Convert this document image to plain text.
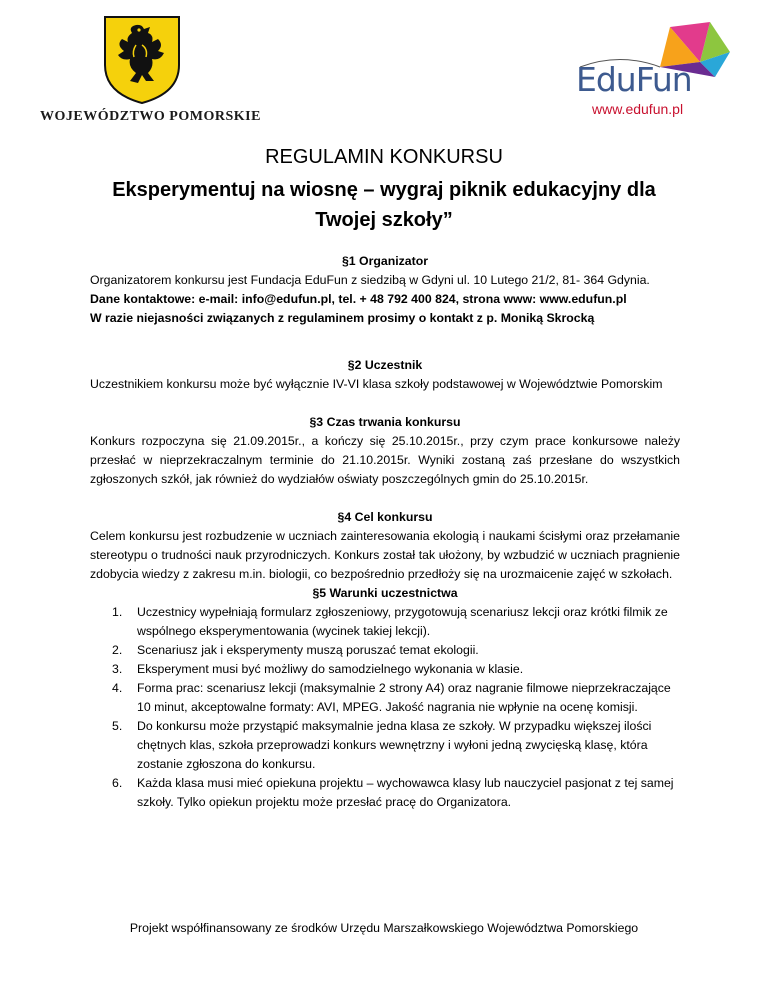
WOJEWÓDZTWO POMORSKIE
EduFun
www.edufun.pl
REGULAMIN KONKURSU
Eksperymentuj na wiosnę – wygraj piknik edukacyjny dla Twojej szkoły”
§1 Organizator
Organizatorem konkursu jest Fundacja EduFun z siedzibą w Gdyni ul. 10 Lutego 21/2, 81- 364 Gdynia.
Dane kontaktowe: e-mail: info@edufun.pl, tel. + 48 792 400 824, strona www: www.edufun.pl
W razie niejasności związanych z regulaminem prosimy o kontakt z p. Moniką Skrocką
§2 Uczestnik
Uczestnikiem konkursu może być wyłącznie IV-VI klasa szkoły podstawowej w Województwie Pomorskim
§3 Czas trwania konkursu
Konkurs rozpoczyna się 21.09.2015r., a kończy się 25.10.2015r., przy czym prace konkursowe należy przesłać w nieprzekraczalnym terminie do 21.10.2015r. Wyniki zostaną zaś przesłane do wszystkich zgłoszonych szkół, jak również do wydziałów oświaty poszczególnych gmin do 25.10.2015r.
§4 Cel konkursu
Celem konkursu jest rozbudzenie w uczniach zainteresowania ekologią i naukami ścisłymi oraz przełamanie stereotypu o trudności nauk przyrodniczych. Konkurs został tak ułożony, by wzbudzić w uczniach pragnienie zdobycia wiedzy z zakresu m.in. biologii, co bezpośrednio przedłoży się na urozmaicenie zajęć w szkołach.
§5 Warunki uczestnictwa
1. Uczestnicy wypełniają formularz zgłoszeniowy, przygotowują scenariusz lekcji oraz krótki filmik ze wspólnego eksperymentowania (wycinek takiej lekcji).
2. Scenariusz jak i eksperymenty muszą poruszać temat ekologii.
3. Eksperyment musi być możliwy do samodzielnego wykonania w klasie.
4. Forma prac: scenariusz lekcji (maksymalnie 2 strony A4) oraz nagranie filmowe nieprzekraczające 10 minut, akceptowalne formaty: AVI, MPEG. Jakość nagrania nie wpłynie na ocenę komisji.
5. Do konkursu może przystąpić maksymalnie jedna klasa ze szkoły. W przypadku większej ilości chętnych klas, szkoła przeprowadzi konkurs wewnętrzny i wyłoni jedną zwycięską klasę, która zostanie zgłoszona do konkursu.
6. Każda klasa musi mieć opiekuna projektu – wychowawca klasy lub nauczyciel pasjonat z tej samej szkoły. Tylko opiekun projektu może przesłać pracę do Organizatora.
Projekt współfinansowany ze środków Urzędu Marszałkowskiego Województwa Pomorskiego
